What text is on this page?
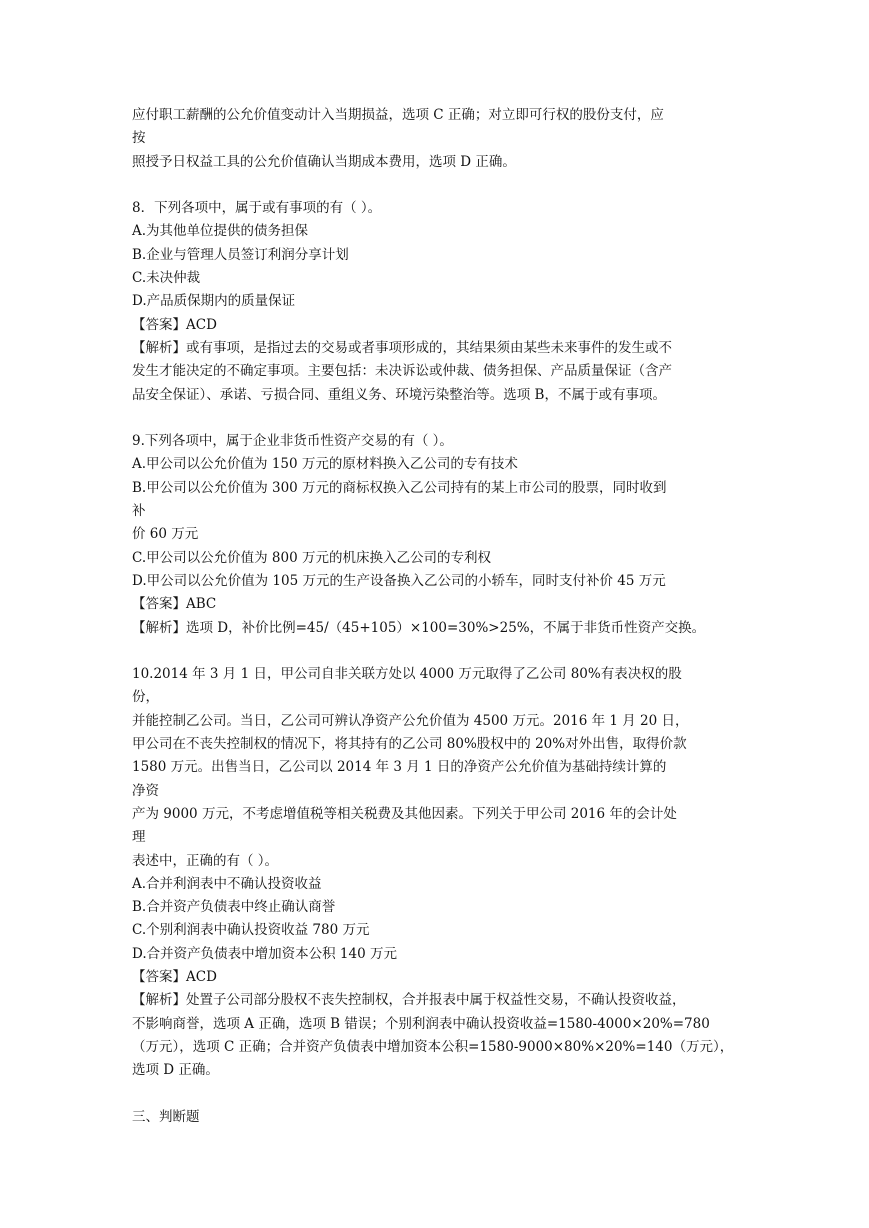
应付职工薪酬的公允价值变动计入当期损益，选项 C 正确；对立即可行权的股份支付，应
按
照授予日权益工具的公允价值确认当期成本费用，选项 D 正确。
8．下列各项中，属于或有事项的有（ ）。
A.为其他单位提供的债务担保
B.企业与管理人员签订利润分享计划
C.未决仲裁
D.产品质保期内的质量保证
【答案】ACD
【解析】或有事项，是指过去的交易或者事项形成的，其结果须由某些未来事件的发生或不
发生才能决定的不确定事项。主要包括：未决诉讼或仲裁、债务担保、产品质量保证（含产
品安全保证）、承诺、亏损合同、重组义务、环境污染整治等。选项 B，不属于或有事项。
9.下列各项中，属于企业非货币性资产交易的有（ ）。
A.甲公司以公允价值为 150 万元的原材料换入乙公司的专有技术
B.甲公司以公允价值为 300 万元的商标权换入乙公司持有的某上市公司的股票，同时收到
补
价 60 万元
C.甲公司以公允价值为 800 万元的机床换入乙公司的专利权
D.甲公司以公允价值为 105 万元的生产设备换入乙公司的小轿车，同时支付补价 45 万元
【答案】ABC
【解析】选项 D，补价比例=45/（45+105）×100=30%>25%，不属于非货币性资产交换。
10.2014 年 3 月 1 日，甲公司自非关联方处以 4000 万元取得了乙公司 80%有表决权的股
份，
并能控制乙公司。当日，乙公司可辨认净资产公允价值为 4500 万元。2016 年 1 月 20 日，
甲公司在不丧失控制权的情况下，将其持有的乙公司 80%股权中的 20%对外出售，取得价款
1580 万元。出售当日，乙公司以 2014 年 3 月 1 日的净资产公允价值为基础持续计算的
净资
产为 9000 万元，不考虑增值税等相关税费及其他因素。下列关于甲公司 2016 年的会计处
理
表述中，正确的有（ ）。
A.合并利润表中不确认投资收益
B.合并资产负债表中终止确认商誉
C.个别利润表中确认投资收益 780 万元
D.合并资产负债表中增加资本公积 140 万元
【答案】ACD
【解析】处置子公司部分股权不丧失控制权，合并报表中属于权益性交易，不确认投资收益，
不影响商誉，选项 A 正确，选项 B 错误；个别利润表中确认投资收益=1580-4000×20%=780
（万元），选项 C 正确；合并资产负债表中增加资本公积=1580-9000×80%×20%=140（万元），
选项 D 正确。
三、判断题
